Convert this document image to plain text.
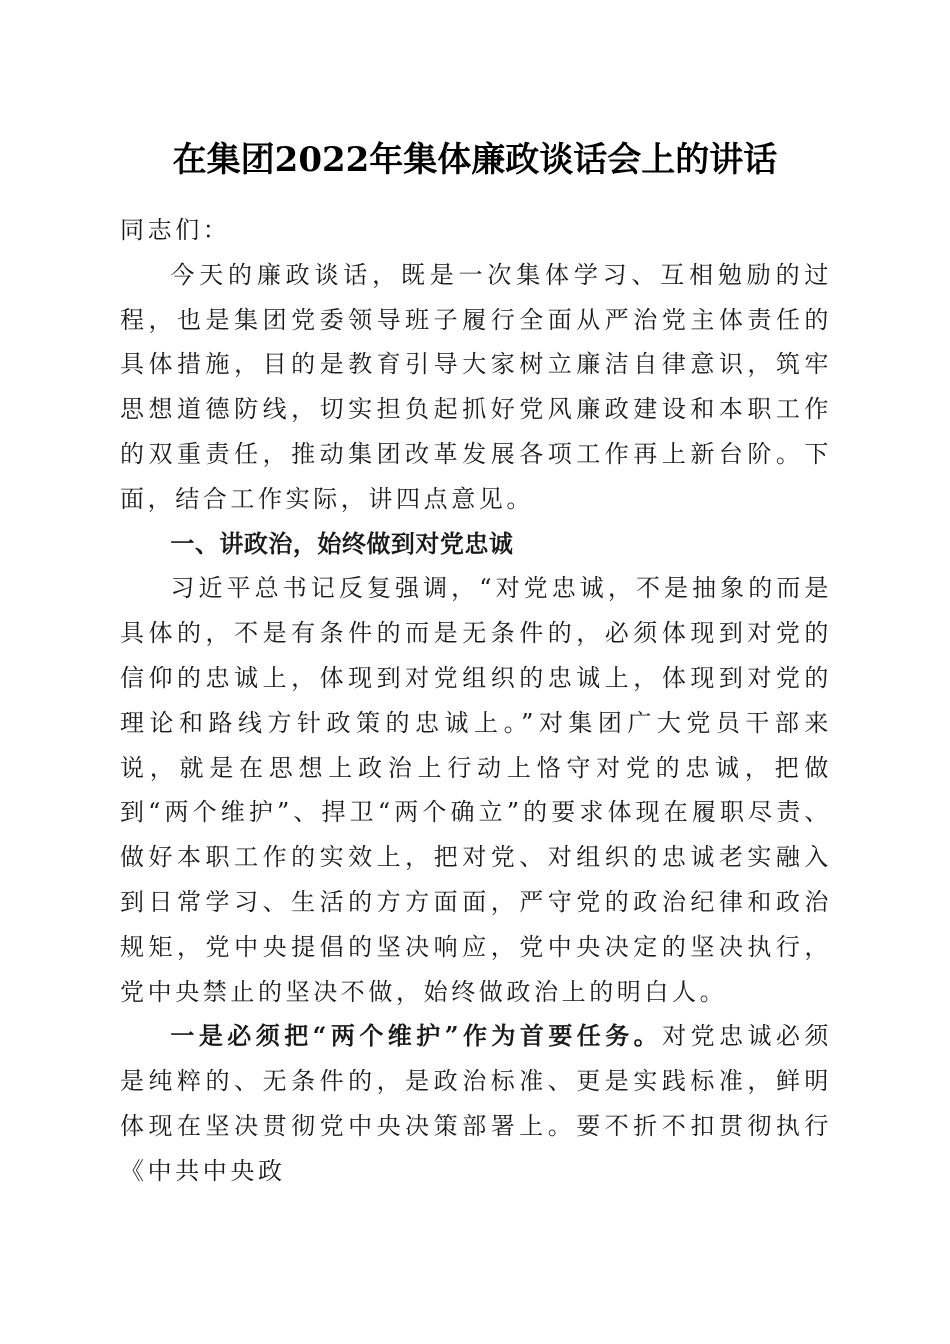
在集团2022年集体廉政谈话会上的讲话

同志们：

今天的廉政谈话，既是一次集体学习、互相勉励的过程，也是集团党委领导班子履行全面从严治党主体责任的具体措施，目的是教育引导大家树立廉洁自律意识，筑牢思想道德防线，切实担负起抓好党风廉政建设和本职工作的双重责任，推动集团改革发展各项工作再上新台阶。下面，结合工作实际，讲四点意见。

一、讲政治，始终做到对党忠诚

习近平总书记反复强调，“对党忠诚，不是抽象的而是具体的，不是有条件的而是无条件的，必须体现到对党的信仰的忠诚上，体现到对党组织的忠诚上，体现到对党的理论和路线方针政策的忠诚上。”对集团广大党员干部来说，就是在思想上政治上行动上恪守对党的忠诚，把做到“两个维护”、捍卫“两个确立”的要求体现在履职尽责、做好本职工作的实效上，把对党、对组织的忠诚老实融入到日常学习、生活的方方面面，严守党的政治纪律和政治规矩，党中央提倡的坚决响应，党中央决定的坚决执行，党中央禁止的坚决不做，始终做政治上的明白人。

一是必须把“两个维护”作为首要任务。对党忠诚必须是纯粹的、无条件的，是政治标准、更是实践标准，鲜明体现在坚决贯彻党中央决策部署上。要不折不扣贯彻执行《中共中央政
